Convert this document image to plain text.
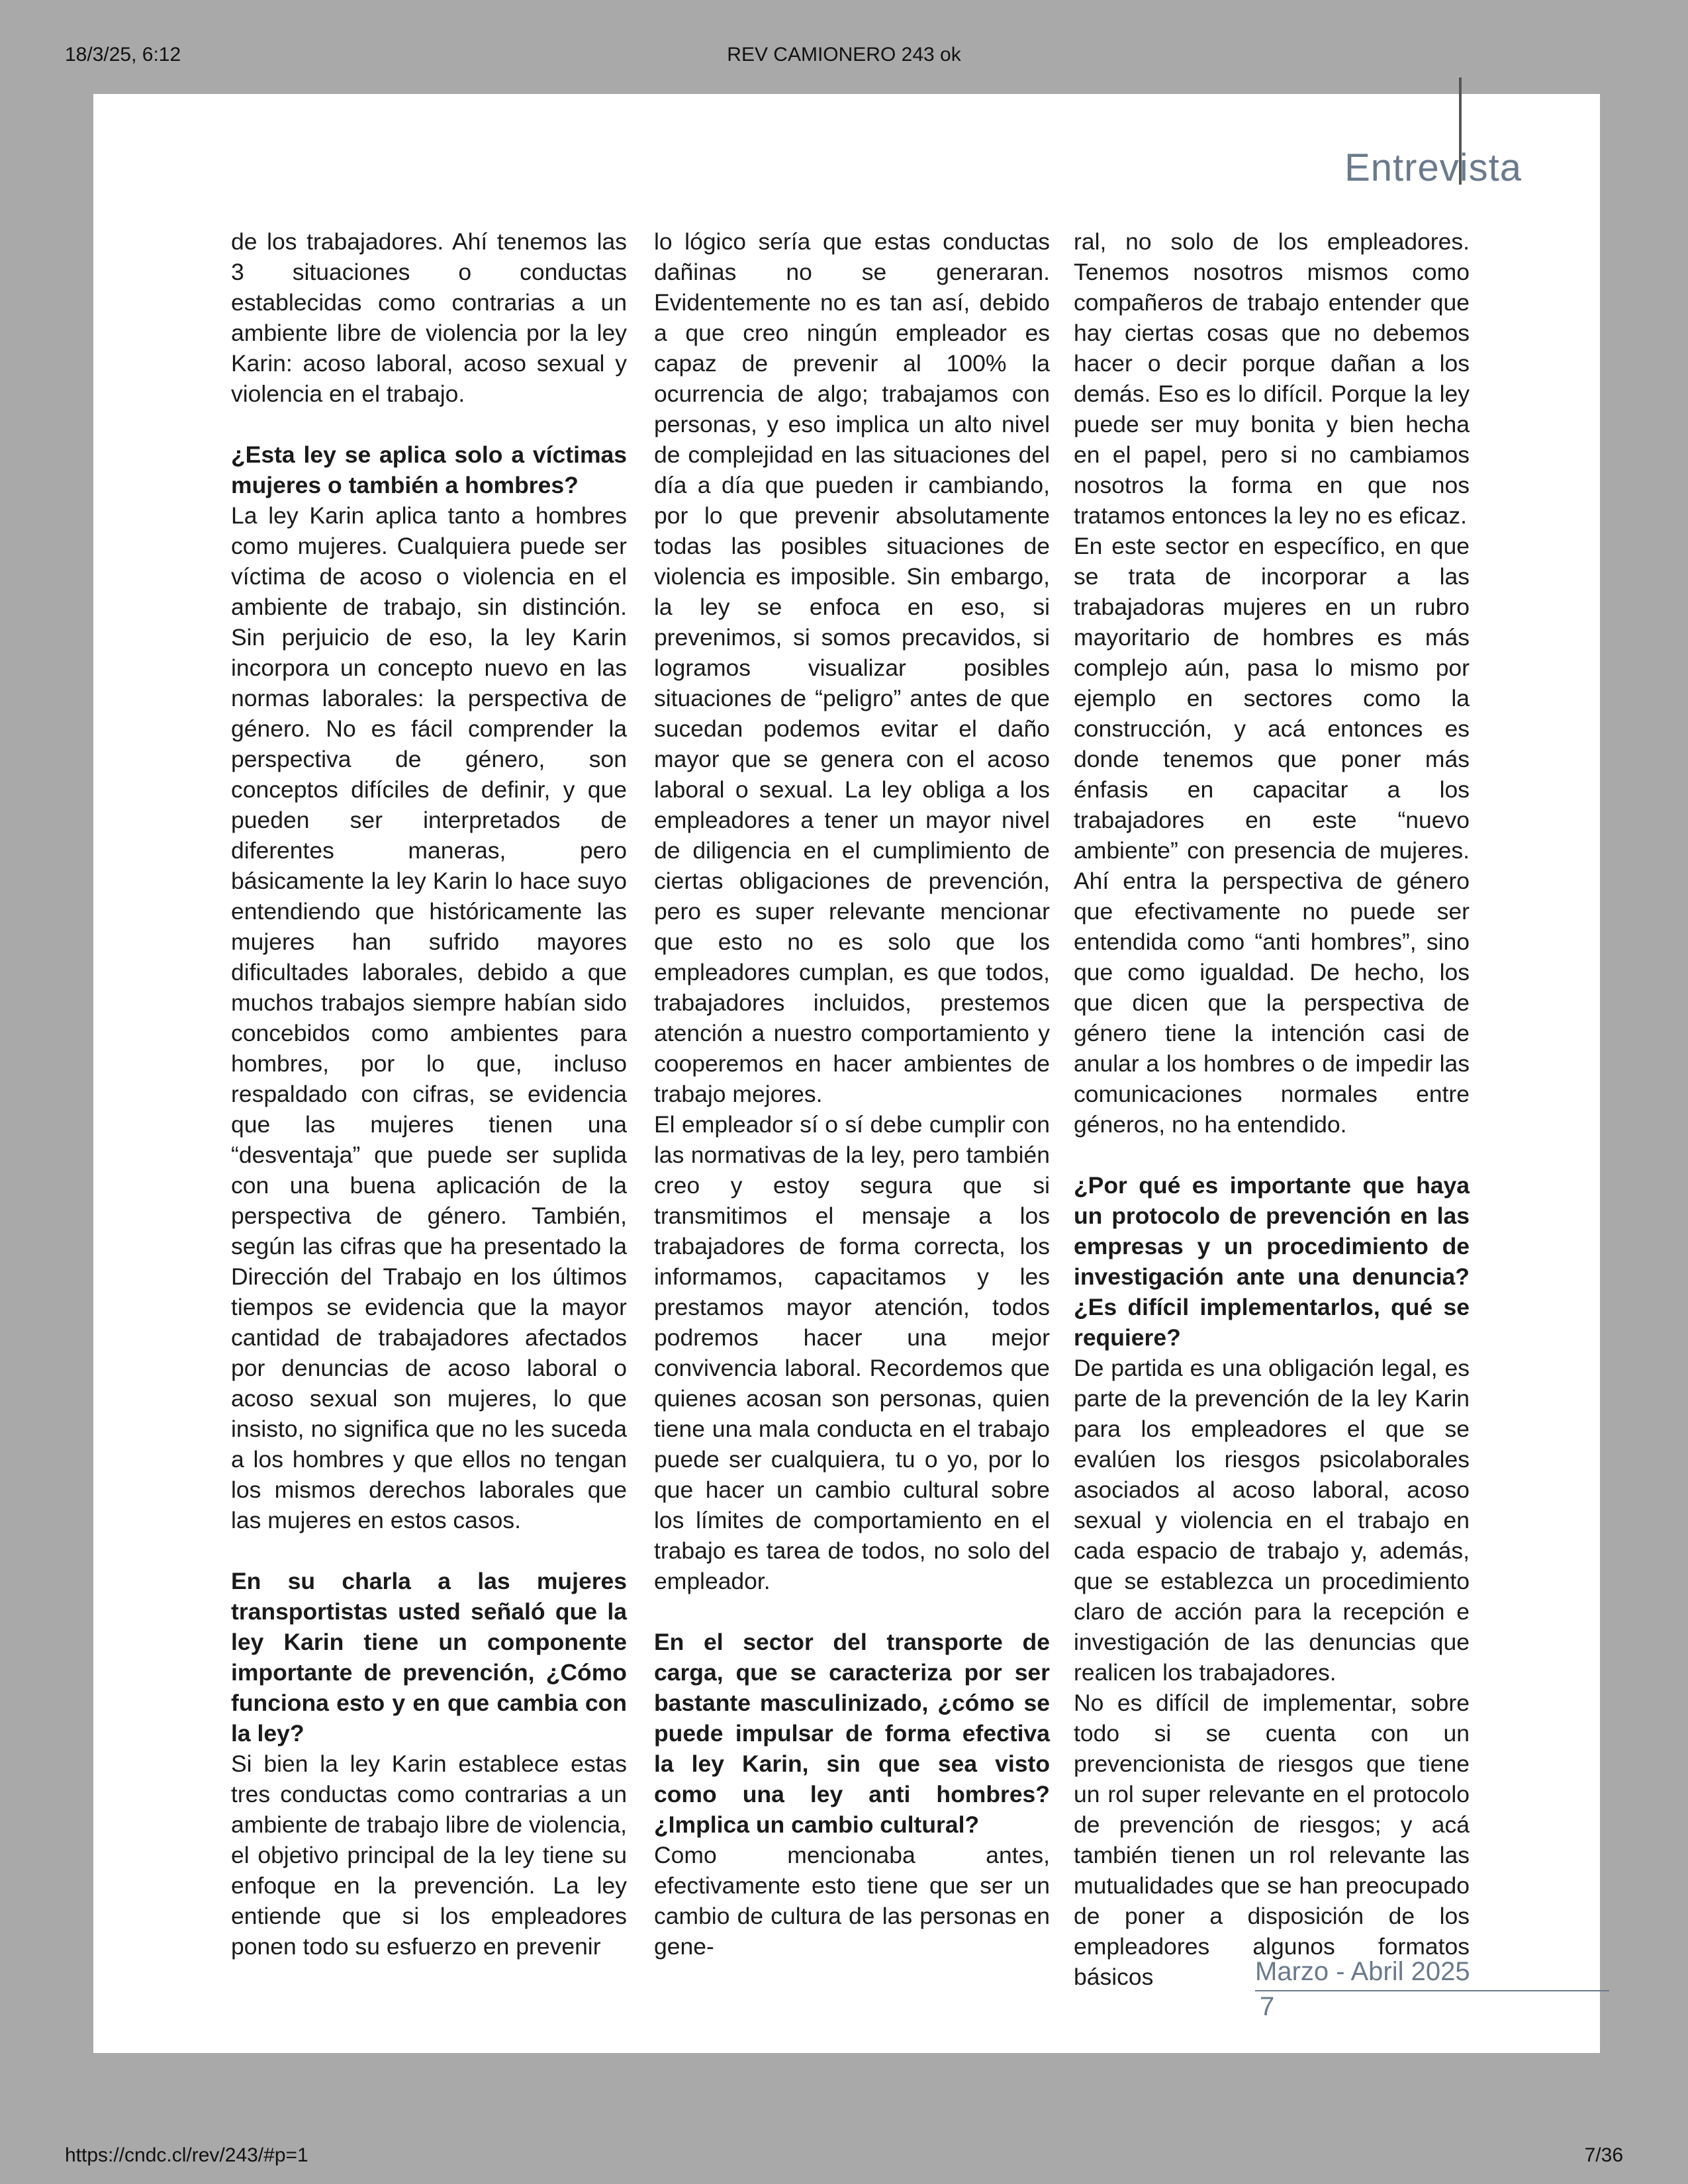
18/3/25, 6:12	REV CAMIONERO 243 ok
Entrevista

de los trabajadores. Ahí tenemos las 3 situaciones o conductas establecidas como contrarias a un ambiente libre de violencia por la ley Karin: acoso laboral, acoso sexual y violencia en el trabajo.

¿Esta ley se aplica solo a víctimas mujeres o también a hombres?

La ley Karin aplica tanto a hombres como mujeres. Cualquiera puede ser víctima de acoso o violencia en el ambiente de trabajo, sin distinción. Sin perjuicio de eso, la ley Karin incorpora un concepto nuevo en las normas laborales: la perspectiva de género. No es fácil comprender la perspectiva de género, son conceptos difíciles de definir, y que pueden ser interpretados de diferentes maneras, pero básicamente la ley Karin lo hace suyo entendiendo que históricamente las mujeres han sufrido mayores dificultades laborales, debido a que muchos trabajos siempre habían sido concebidos como ambientes para hombres, por lo que, incluso respaldado con cifras, se evidencia que las mujeres tienen una “desventaja” que puede ser suplida con una buena aplicación de la perspectiva de género. También, según las cifras que ha presentado la Dirección del Trabajo en los últimos tiempos se evidencia que la mayor cantidad de trabajadores afectados por denuncias de acoso laboral o acoso sexual son mujeres, lo que insisto, no significa que no les suceda a los hombres y que ellos no tengan los mismos derechos laborales que las mujeres en estos casos.

En su charla a las mujeres transportistas usted señaló que la ley Karin tiene un componente importante de prevención, ¿Cómo funciona esto y en que cambia con la ley?

Si bien la ley Karin establece estas tres conductas como contrarias a un ambiente de trabajo libre de violencia, el objetivo principal de la ley tiene su enfoque en la prevención. La ley entiende que si los empleadores ponen todo su esfuerzo en prevenir

lo lógico sería que estas conductas dañinas no se generaran. Evidentemente no es tan así, debido a que creo ningún empleador es capaz de prevenir al 100% la ocurrencia de algo; trabajamos con personas, y eso implica un alto nivel de complejidad en las situaciones del día a día que pueden ir cambiando, por lo que prevenir absolutamente todas las posibles situaciones de violencia es imposible. Sin embargo, la ley se enfoca en eso, si prevenimos, si somos precavidos, si logramos visualizar posibles situaciones de “peligro” antes de que sucedan podemos evitar el daño mayor que se genera con el acoso laboral o sexual. La ley obliga a los empleadores a tener un mayor nivel de diligencia en el cumplimiento de ciertas obligaciones de prevención, pero es super relevante mencionar que esto no es solo que los empleadores cumplan, es que todos, trabajadores incluidos, prestemos atención a nuestro comportamiento y cooperemos en hacer ambientes de trabajo mejores.

El empleador sí o sí debe cumplir con las normativas de la ley, pero también creo y estoy segura que si transmitimos el mensaje a los trabajadores de forma correcta, los informamos, capacitamos y les prestamos mayor atención, todos podremos hacer una mejor convivencia laboral. Recordemos que quienes acosan son personas, quien tiene una mala conducta en el trabajo puede ser cualquiera, tu o yo, por lo que hacer un cambio cultural sobre los límites de comportamiento en el trabajo es tarea de todos, no solo del empleador.

En el sector del transporte de carga, que se caracteriza por ser bastante masculinizado, ¿cómo se puede impulsar de forma efectiva la ley Karin, sin que sea visto como una ley anti hombres? ¿Implica un cambio cultural?

Como mencionaba antes, efectivamente esto tiene que ser un cambio de cultura de las personas en gene-

ral, no solo de los empleadores. Tenemos nosotros mismos como compañeros de trabajo entender que hay ciertas cosas que no debemos hacer o decir porque dañan a los demás. Eso es lo difícil. Porque la ley puede ser muy bonita y bien hecha en el papel, pero si no cambiamos nosotros la forma en que nos tratamos entonces la ley no es eficaz.

En este sector en específico, en que se trata de incorporar a las trabajadoras mujeres en un rubro mayoritario de hombres es más complejo aún, pasa lo mismo por ejemplo en sectores como la construcción, y acá entonces es donde tenemos que poner más énfasis en capacitar a los trabajadores en este “nuevo ambiente” con presencia de mujeres. Ahí entra la perspectiva de género que efectivamente no puede ser entendida como “anti hombres”, sino que como igualdad. De hecho, los que dicen que la perspectiva de género tiene la intención casi de anular a los hombres o de impedir las comunicaciones normales entre géneros, no ha entendido.

¿Por qué es importante que haya un protocolo de prevención en las empresas y un procedimiento de investigación ante una denuncia? ¿Es difícil implementarlos, qué se requiere?

De partida es una obligación legal, es parte de la prevención de la ley Karin para los empleadores el que se evalúen los riesgos psicolaborales asociados al acoso laboral, acoso sexual y violencia en el trabajo en cada espacio de trabajo y, además, que se establezca un procedimiento claro de acción para la recepción e investigación de las denuncias que realicen los trabajadores.

No es difícil de implementar, sobre todo si se cuenta con un prevencionista de riesgos que tiene un rol super relevante en el protocolo de prevención de riesgos; y acá también tienen un rol relevante las mutualidades que se han preocupado de poner a disposición de los empleadores algunos formatos básicos	Marzo - Abril 2025
7
https://cndc.cl/rev/243/#p=1	7/36
